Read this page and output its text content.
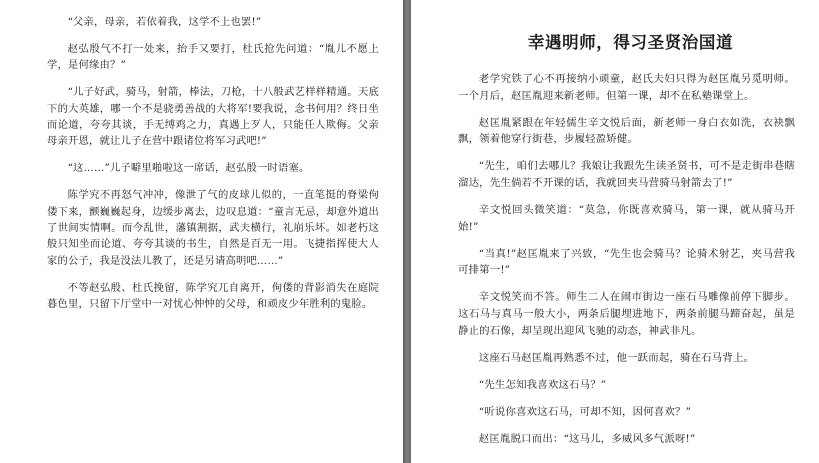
“父亲，母亲，若依着我，这学不上也罢!”

赵弘殷气不打一处来，抬手又要打，杜氏抢先问道：“胤儿不愿上学，是何缘由？”

“儿子好武，骑马，射箭，棒法，刀枪，十八般武艺样样精通。天底下的大英雄，哪一个不是骁勇善战的大将军!要我说，念书何用？终日坐而论道，夸夸其谈，手无缚鸡之力，真遇上歹人，只能任人欺侮。父亲母亲开恩，就让儿子在营中跟诸位将军习武吧!”

“这……”儿子噼里啪啦这一席话，赵弘殷一时语塞。

陈学究不再怒气冲冲，像泄了气的皮球儿似的，一直笔挺的脊梁佝偻下来，颤巍巍起身，边缓步离去，边叹息道：“童言无忌，却意外道出了世间实情啊。而今乱世，藩镇割据，武夫横行，礼崩乐坏。如老朽这般只知坐而论道、夸夸其谈的书生，自然是百无一用。飞捷指挥使大人家的公子，我是没法儿教了，还是另请高明吧……”

不等赵弘殷、杜氏挽留，陈学究兀自离开，佝偻的背影消失在庭院暮色里，只留下厅堂中一对忧心忡忡的父母，和顽皮少年胜利的鬼脸。

幸遇明师，得习圣贤治国道

老学究铁了心不再接纳小顽童，赵氏夫妇只得为赵匡胤另觅明师。一个月后，赵匡胤迎来新老师。但第一课，却不在私塾课堂上。

赵匡胤紧跟在年轻儒生辛文悦后面，新老师一身白衣如洗，衣袂飘飘，领着他穿行街巷，步履轻盈矫健。

“先生，咱们去哪儿？我娘让我跟先生读圣贤书，可不是走街串巷瞎溜达，先生倘若不开课的话，我就回夹马营骑马射箭去了!”

辛文悦回头微笑道：“莫急，你既喜欢骑马，第一课，就从骑马开始!”

“当真!”赵匡胤来了兴致，“先生也会骑马？论骑术射艺，夹马营我可排第一!”

辛文悦笑而不答。师生二人在闹市街边一座石马雕像前停下脚步。这石马与真马一般大小，两条后腿埋进地下，两条前腿马蹄奋起，虽是静止的石像，却呈现出迎风飞驰的动态，神武非凡。

这座石马赵匡胤再熟悉不过，他一跃而起，骑在石马背上。

“先生怎知我喜欢这石马？”

“听说你喜欢这石马，可却不知，因何喜欢？”

赵匡胤脱口而出：“这马儿，多威风多气派呀!”
